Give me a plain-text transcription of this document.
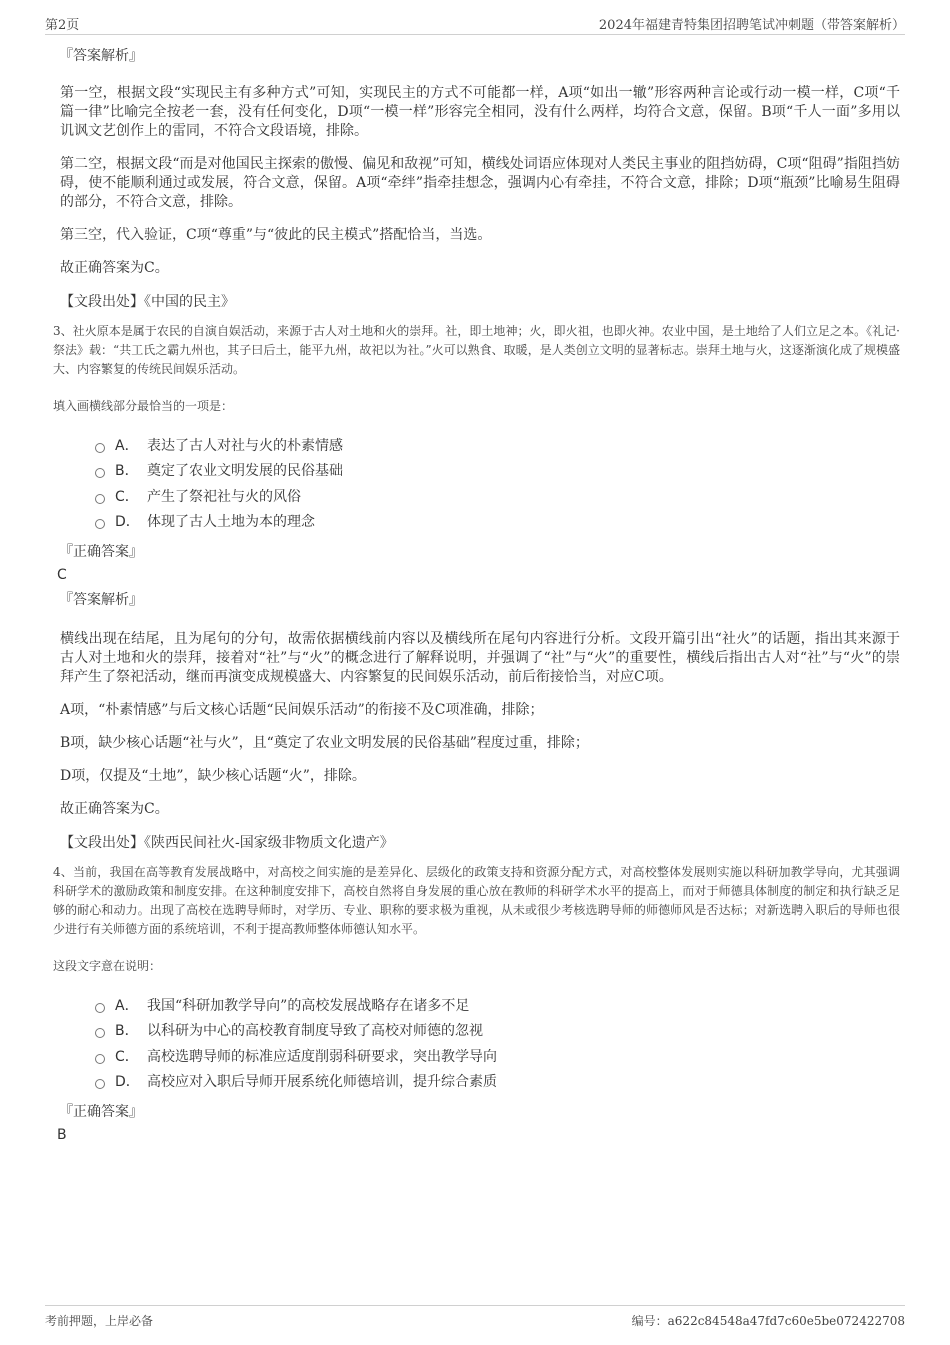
第2页	2024年福建青特集团招聘笔试冲刺题（带答案解析）
『答案解析』
第一空，根据文段“实现民主有多种方式”可知，实现民主的方式不可能都一样，A项“如出一辙”形容两种言论或行动一模一样，C项“千篇一律”比喻完全按老一套，没有任何变化，D项“一模一样”形容完全相同，没有什么两样，均符合文意，保留。B项“千人一面”多用以讥讽文艺创作上的雷同，不符合文段语境，排除。
第二空，根据文段“而是对他国民主探索的傲慢、偏见和敌视”可知，横线处词语应体现对人类民主事业的阻挡妨碍，C项“阻碍”指阻挡妨碍，使不能顺利通过或发展，符合文意，保留。A项“牵绊”指牵挂想念，强调内心有牵挂，不符合文意，排除；D项“瓶颈”比喻易生阻碍的部分，不符合文意，排除。
第三空，代入验证，C项“尊重”与“彼此的民主模式”搭配恰当，当选。
故正确答案为C。
【文段出处】《中国的民主》
3、社火原本是属于农民的自演自娱活动，来源于古人对土地和火的崇拜。社，即土地神；火，即火祖，也即火神。农业中国，是土地给了人们立足之本。《礼记·祭法》载：“共工氏之霸九州也，其子曰后土，能平九州，故祀以为社。”火可以熟食、取暖，是人类创立文明的显著标志。崇拜土地与火，这逐渐演化成了规模盛大、内容繁复的传统民间娱乐活动。
填入画横线部分最恰当的一项是：
A． 表达了古人对社与火的朴素情感
B． 奠定了农业文明发展的民俗基础
C． 产生了祭祀社与火的风俗
D． 体现了古人土地为本的理念
『正确答案』
C
『答案解析』
横线出现在结尾，且为尾句的分句，故需依据横线前内容以及横线所在尾句内容进行分析。文段开篇引出“社火”的话题，指出其来源于古人对土地和火的崇拜，接着对“社”与“火”的概念进行了解释说明，并强调了“社”与“火”的重要性，横线后指出古人对“社”与“火”的崇拜产生了祭祀活动，继而再演变成规模盛大、内容繁复的民间娱乐活动，前后衔接恰当，对应C项。
A项，“朴素情感”与后文核心话题“民间娱乐活动”的衔接不及C项准确，排除；
B项，缺少核心话题“社与火”，且“奠定了农业文明发展的民俗基础”程度过重，排除；
D项，仅提及“土地”，缺少核心话题“火”，排除。
故正确答案为C。
【文段出处】《陕西民间社火-国家级非物质文化遗产》
4、当前，我国在高等教育发展战略中，对高校之间实施的是差异化、层级化的政策支持和资源分配方式，对高校整体发展则实施以科研加教学导向，尤其强调科研学术的激励政策和制度安排。在这种制度安排下，高校自然将自身发展的重心放在教师的科研学术水平的提高上，而对于师德具体制度的制定和执行缺乏足够的耐心和动力。出现了高校在选聘导师时，对学历、专业、职称的要求极为重视，从未或很少考核选聘导师的师德师风是否达标；对新选聘入职后的导师也很少进行有关师德方面的系统培训，不利于提高教师整体师德认知水平。
这段文字意在说明：
A． 我国“科研加教学导向”的高校发展战略存在诸多不足
B． 以科研为中心的高校教育制度导致了高校对师德的忽视
C． 高校选聘导师的标准应适度削弱科研要求，突出教学导向
D． 高校应对入职后导师开展系统化师德培训，提升综合素质
『正确答案』
B
考前押题，上岸必备	编号：a622c84548a47fd7c60e5be072422708
